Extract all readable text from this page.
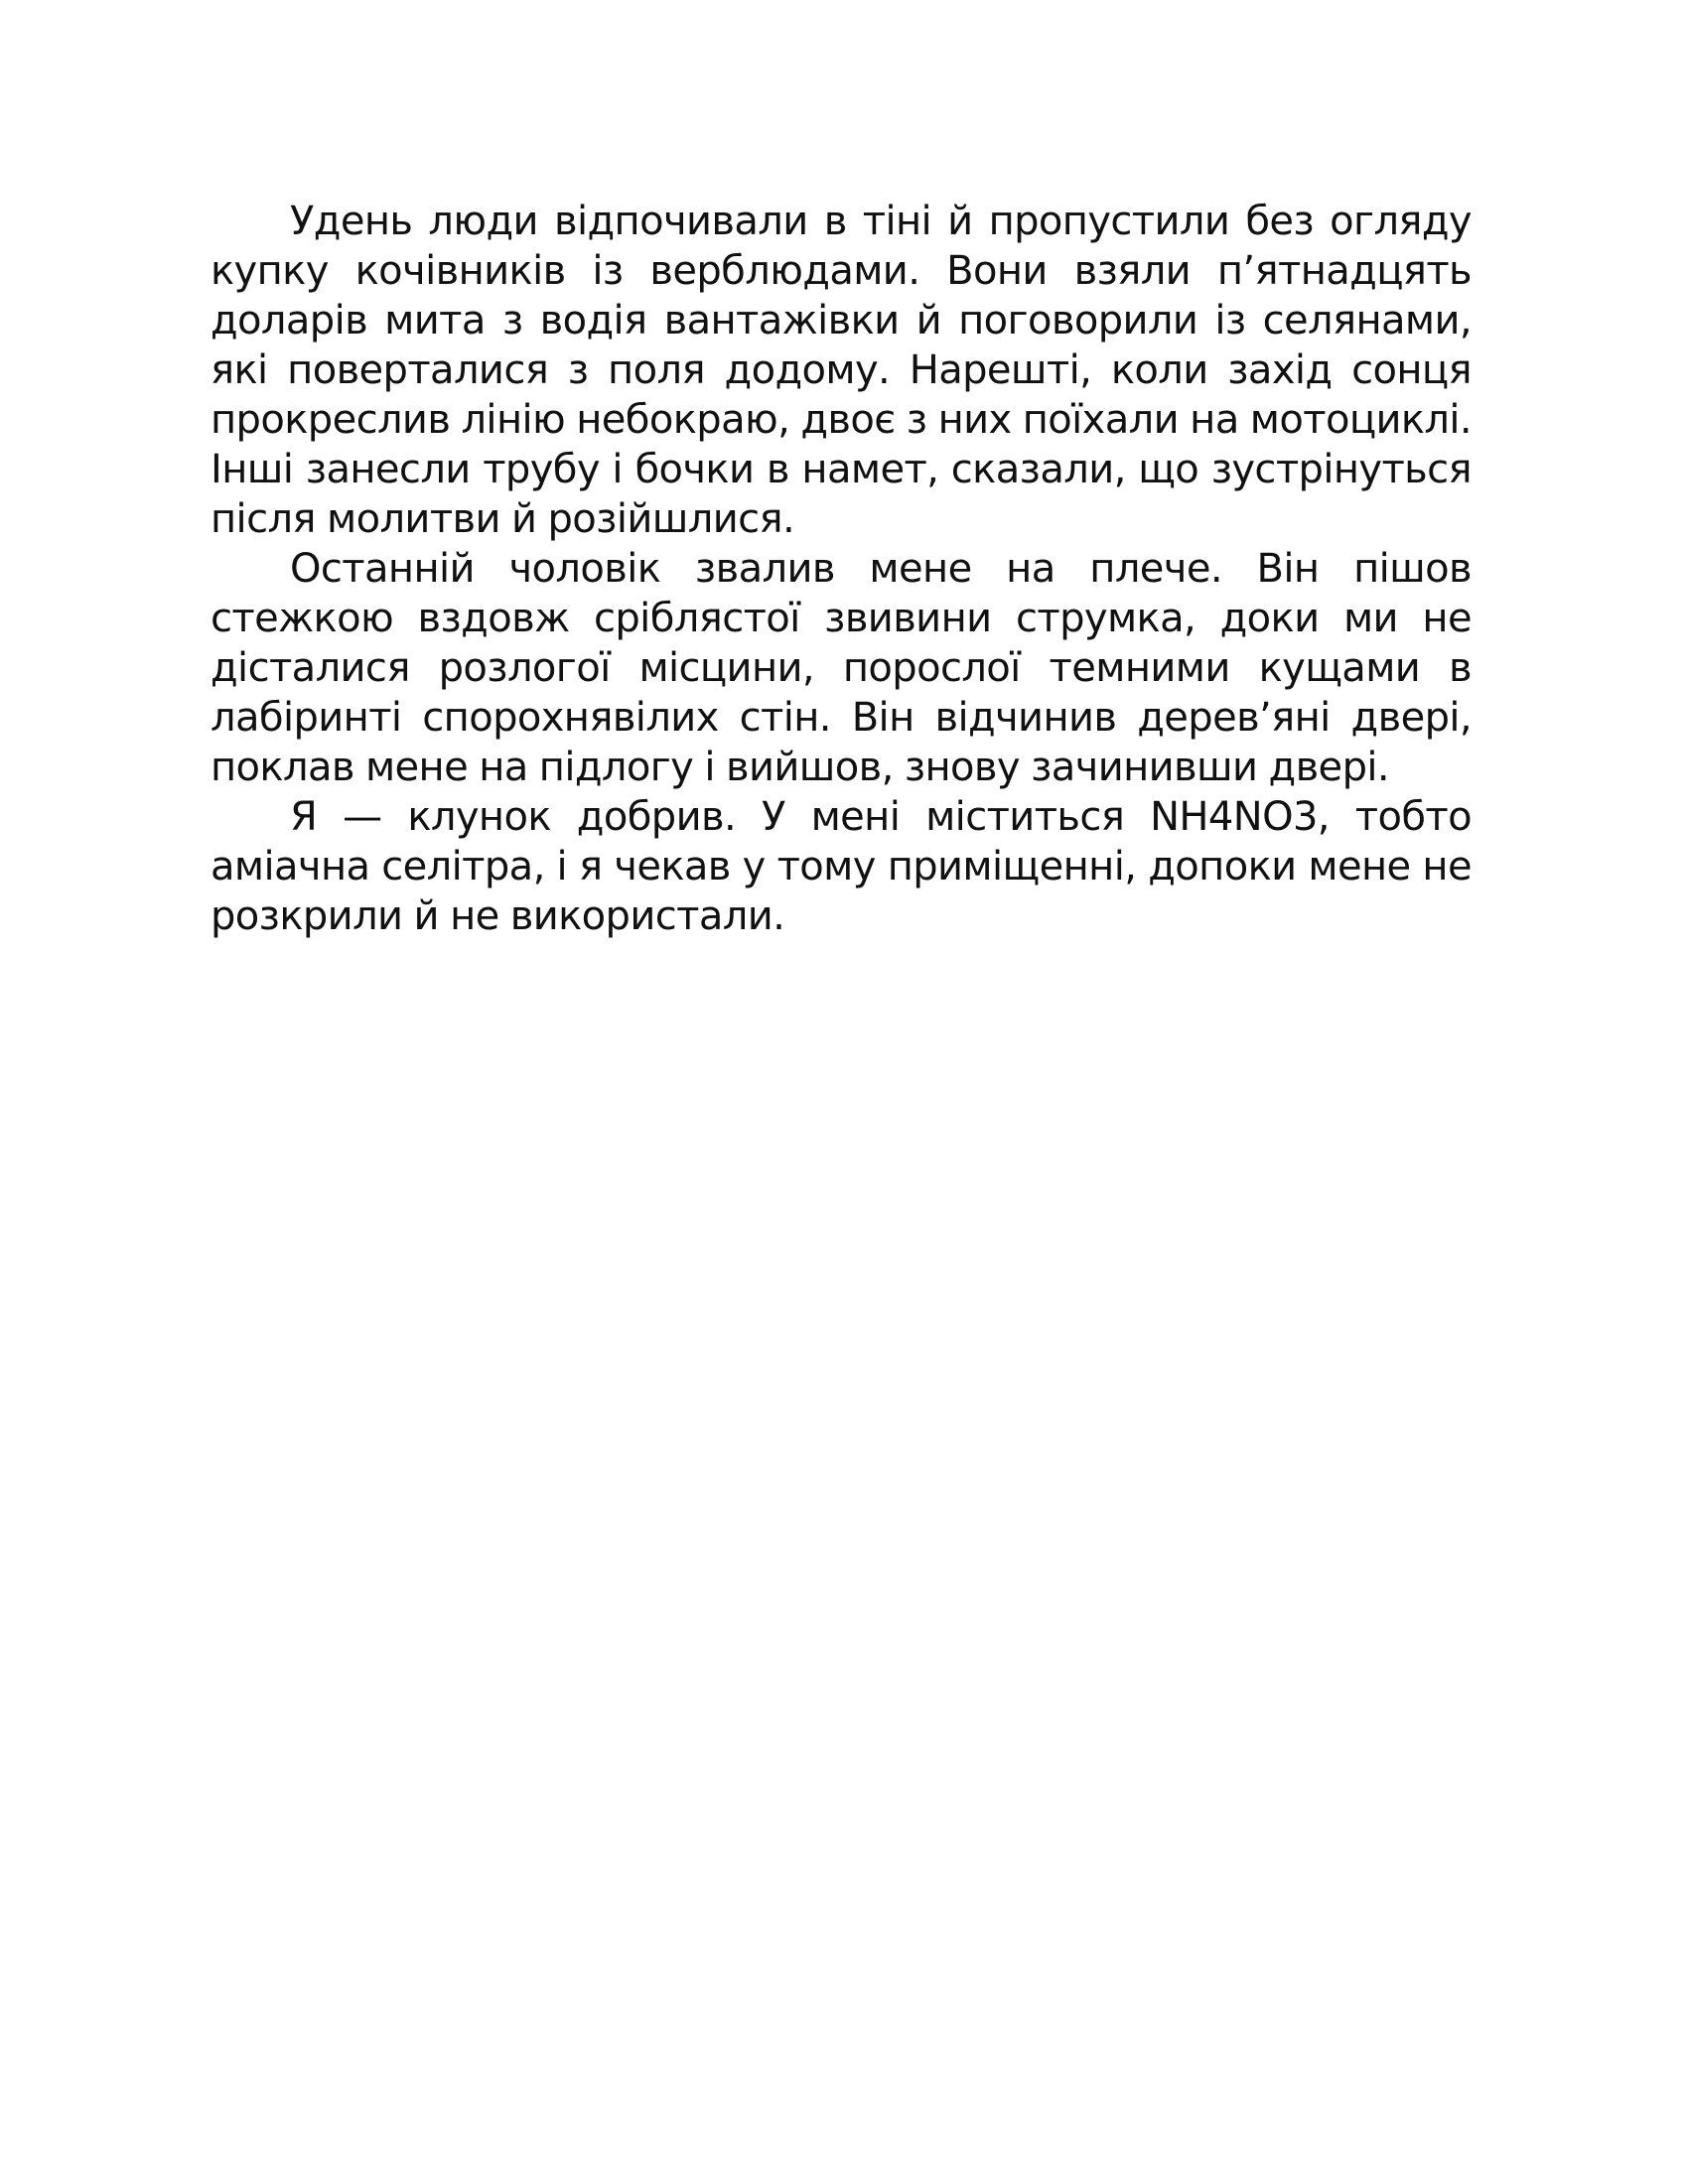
Удень люди відпочивали в тіні й пропустили без огляду купку кочівників із верблюдами. Вони взяли п’ятнадцять доларів мита з водія вантажівки й поговорили із селянами, які поверталися з поля додому. Нарешті, коли захід сонця прокреслив лінію небокраю, двоє з них поїхали на мотоциклі. Інші занесли трубу і бочки в намет, сказали, що зустрінуться після молитви й розійшлися.

Останній чоловік звалив мене на плече. Він пішов стежкою вздовж сріблястої звивини струмка, доки ми не дісталися розлогої місцини, порослої темними кущами в лабіринті спорохнявілих стін. Він відчинив дерев’яні двері, поклав мене на підлогу і вийшов, знову зачинивши двері.

Я — клунок добрив. У мені міститься NH4NO3, тобто аміачна селітра, і я чекав у тому приміщенні, допоки мене не розкрили й не використали.
